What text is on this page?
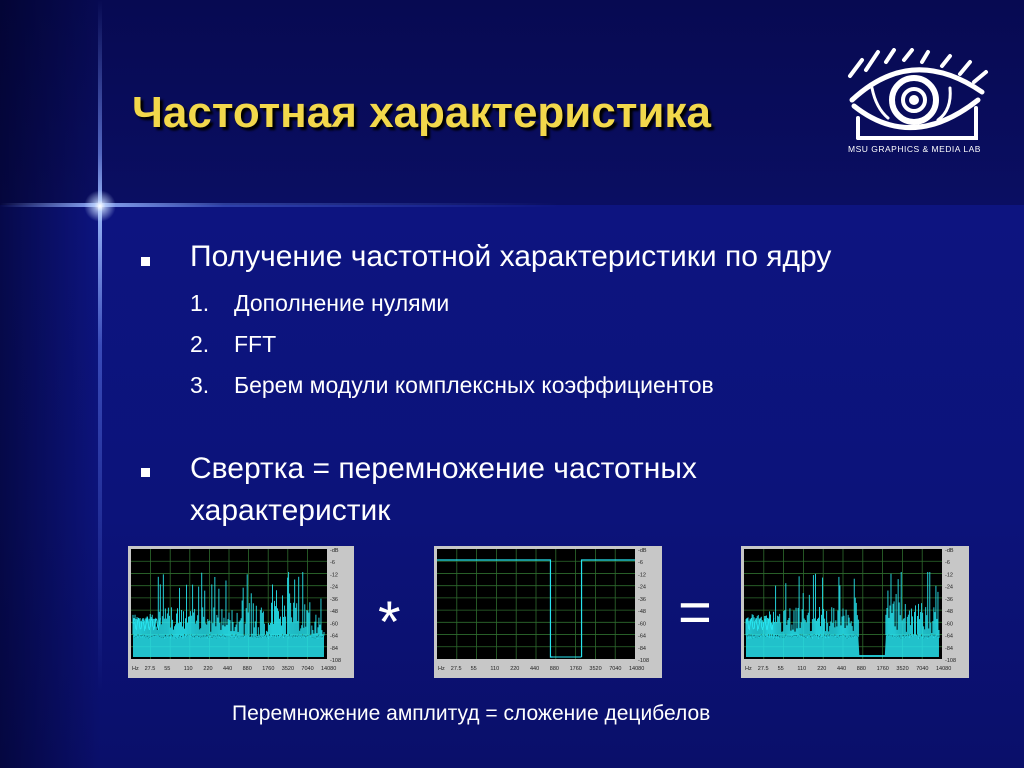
Частотная характеристика
MSU GRAPHICS & MEDIA LAB
Получение частотной характеристики по ядру
1. Дополнение нулями
2. FFT
3. Берем модули комплексных коэффициентов
Свертка = перемножение частотных
характеристик
-dB
-6
-12
-24
-36
-48
-60
-64
-84
-108
Hz 27.5 55 110 220 440 880 1760 3520 7040 14080
*
-dB
-6
-12
-24
-36
-48
-60
-64
-84
-108
Hz 27.5 55 110 220 440 880 1760 3520 7040 14080
=
-dB
-6
-12
-24
-36
-48
-60
-64
-84
-108
Hz 27.5 55 110 220 440 880 1760 3520 7040 14080
Перемножение амплитуд = сложение децибелов
